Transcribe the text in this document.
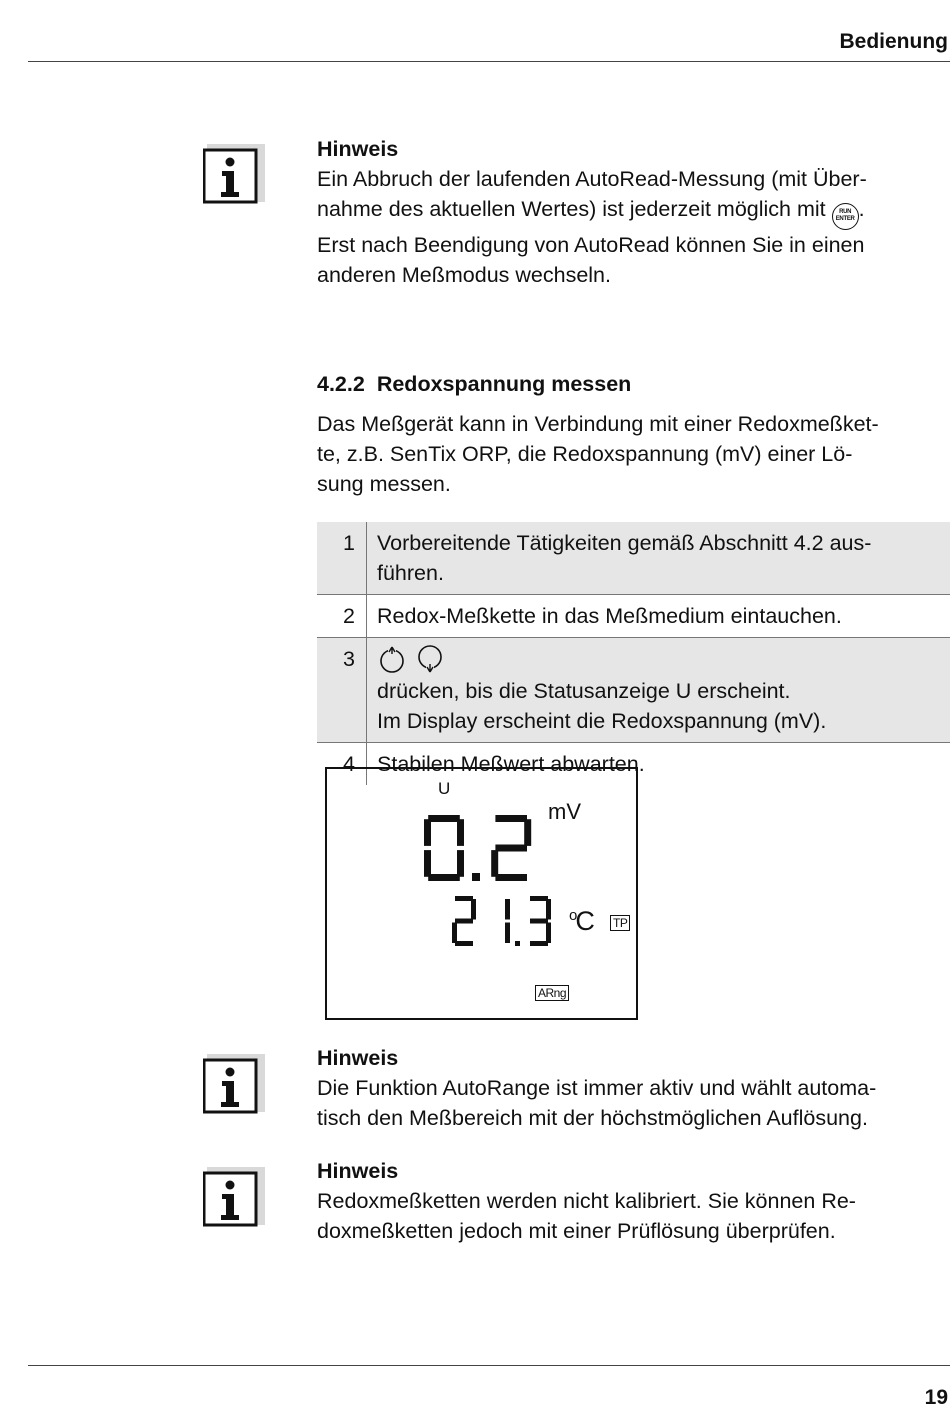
Bedienung
Hinweis
Ein Abbruch der laufenden AutoRead-Messung (mit Über-
nahme des aktuellen Wertes) ist jederzeit möglich mit RUN
ENTER .
Erst nach Beendigung von AutoRead können Sie in einen
anderen Meßmodus wechseln.
4.2.2 Redoxspannung messen
Das Meßgerät kann in Verbindung mit einer Redoxmeßket-
te, z.B. SenTix ORP, die Redoxspannung (mV) einer Lö-
sung messen.
1	Vorbereitende Tätigkeiten gemäß Abschnitt 4.2 aus-
führen.
2	Redox-Meßkette in das Meßmedium eintauchen.
3

drücken, bis die Statusanzeige U erscheint.
Im Display erscheint die Redoxspannung (mV).
4	Stabilen Meßwert abwarten.
U
mV
$^o$C TP
ARng
Hinweis
Die Funktion AutoRange ist immer aktiv und wählt automa-
tisch den Meßbereich mit der höchstmöglichen Auflösung.
Hinweis
Redoxmeßketten werden nicht kalibriert. Sie können Re-
doxmeßketten jedoch mit einer Prüflösung überprüfen.
19
